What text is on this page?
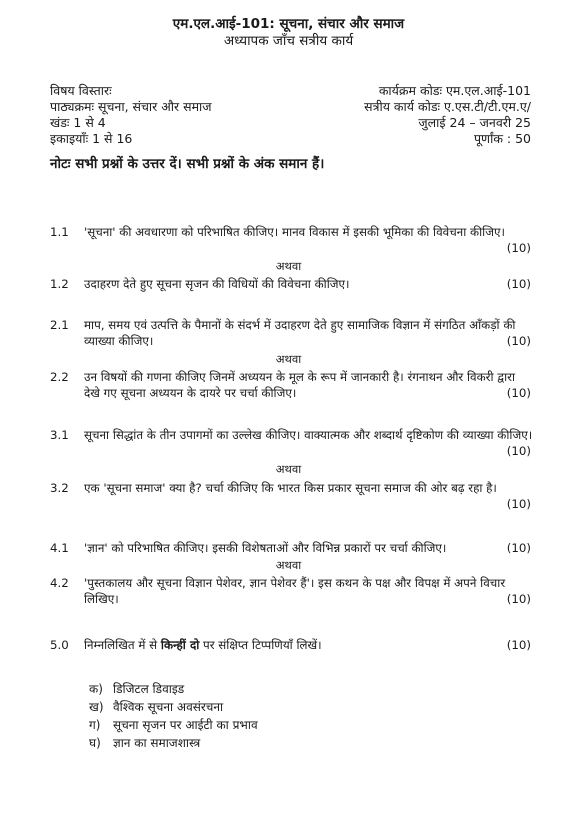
एम.एल.आई-101: सूचना, संचार और समाज
अध्यापक जाँच सत्रीय कार्य
विषय विस्तारः
पाठ्यक्रमः सूचना, संचार और समाज
खंडः 1 से 4
इकाइयाँः 1 से 16
कार्यक्रम कोडः एम.एल.आई-101
सत्रीय कार्य कोडः ए.एस.टी/टी.एम.ए/
जुलाई 24 – जनवरी 25
पूर्णांक : 50
नोटः सभी प्रश्नों के उत्तर दें। सभी प्रश्नों के अंक समान हैं।
1.1 'सूचना' की अवधारणा को परिभाषित कीजिए। मानव विकास में इसकी भूमिका की विवेचना कीजिए।
(10)
अथवा
1.2 उदाहरण देते हुए सूचना सृजन की विधियों की विवेचना कीजिए।	(10)
2.1 माप, समय एवं उत्पत्ति के पैमानों के संदर्भ में उदाहरण देते हुए सामाजिक विज्ञान में संगठित आँकड़ों की व्याख्या कीजिए।	(10)
अथवा
2.2 उन विषयों की गणना कीजिए जिनमें अध्ययन के मूल के रूप में जानकारी है। रंगनाथन और विकरी द्वारा देखे गए सूचना अध्ययन के दायरे पर चर्चा कीजिए।	(10)
3.1 सूचना सिद्धांत के तीन उपागमों का उल्लेख कीजिए। वाक्यात्मक और शब्दार्थ दृष्टिकोण की व्याख्या कीजिए।
(10)
अथवा
3.2 एक 'सूचना समाज' क्या है? चर्चा कीजिए कि भारत किस प्रकार सूचना समाज की ओर बढ़ रहा है।
(10)
4.1 'ज्ञान' को परिभाषित कीजिए। इसकी विशेषताओं और विभिन्न प्रकारों पर चर्चा कीजिए।	(10)
अथवा
4.2 'पुस्तकालय और सूचना विज्ञान पेशेवर, ज्ञान पेशेवर हैं'। इस कथन के पक्ष और विपक्ष में अपने विचार लिखिए।	(10)
5.0 निम्नलिखित में से किन्हीं दो पर संक्षिप्त टिप्पणियाँ लिखें।	(10)
क) डिजिटल डिवाइड
ख) वैश्विक सूचना अवसंरचना
ग) सूचना सृजन पर आईटी का प्रभाव
घ) ज्ञान का समाजशास्त्र
